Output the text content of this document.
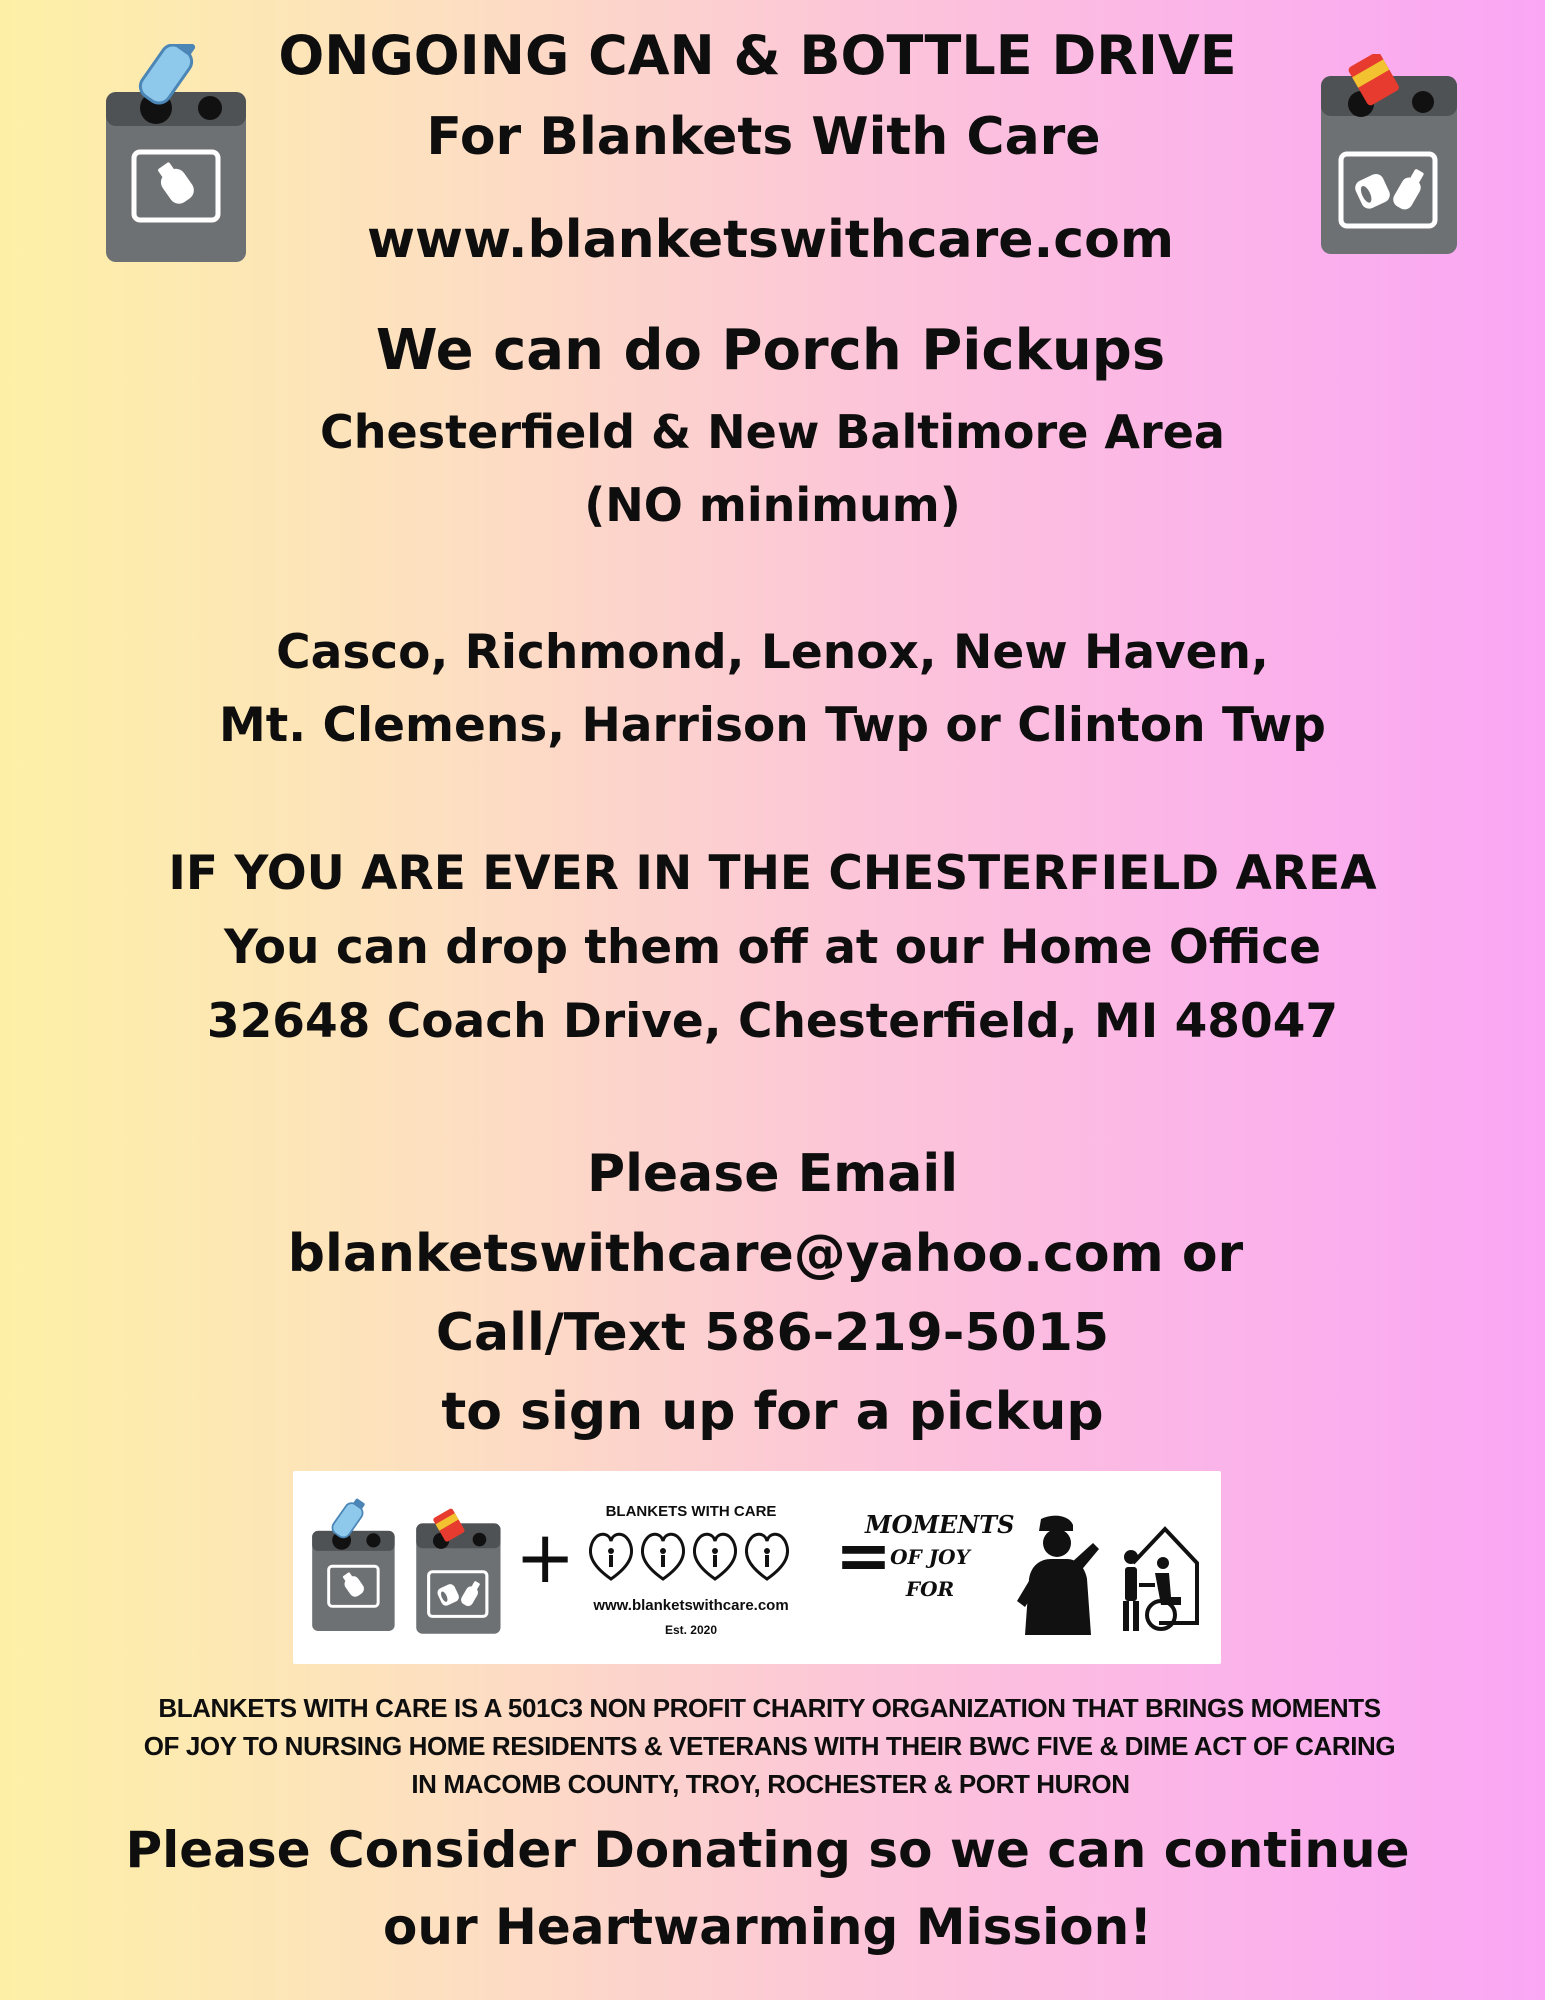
ONGOING CAN & BOTTLE DRIVE
For Blankets With Care
www.blanketswithcare.com
We can do Porch Pickups
Chesterfield & New Baltimore Area
(NO minimum)
Casco, Richmond, Lenox, New Haven,
Mt. Clemens, Harrison Twp or Clinton Twp
IF YOU ARE EVER IN THE CHESTERFIELD AREA
You can drop them off at our Home Office
32648 Coach Drive, Chesterfield, MI 48047
Please Email
blanketswithcare@yahoo.com or
Call/Text 586-219-5015
to sign up for a pickup
+
BLANKETS WITH CARE
www.blanketswithcare.com
Est. 2020
=
MOMENTS
OF JOY
FOR
BLANKETS WITH CARE IS A 501C3 NON PROFIT CHARITY ORGANIZATION THAT BRINGS MOMENTS
OF JOY TO NURSING HOME RESIDENTS & VETERANS WITH THEIR BWC FIVE & DIME ACT OF CARING
IN MACOMB COUNTY, TROY, ROCHESTER & PORT HURON
Please Consider Donating so we can continue
our Heartwarming Mission!
